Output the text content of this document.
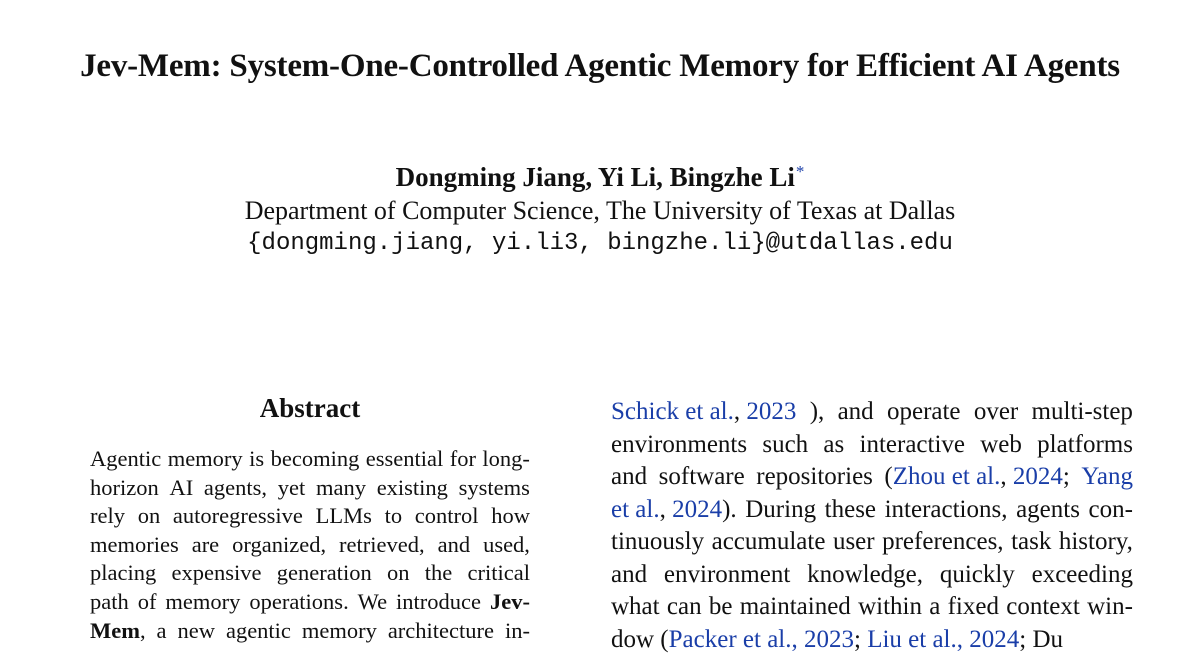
Jev-Mem: System-One-Controlled Agentic Memory for Efficient AI Agents
Dongming Jiang, Yi Li, Bingzhe Li*
Department of Computer Science, The University of Texas at Dallas
{dongming.jiang, yi.li3, bingzhe.li}@utdallas.edu
Abstract
Agentic memory is becoming essential for long-
horizon AI agents, yet many existing systems
rely on autoregressive LLMs to control how
memories are organized, retrieved, and used,
placing expensive generation on the critical
path of memory operations. We introduce Jev-
Mem, a new agentic memory architecture in-
Schick et al., 2023 ), and operate over multi-step
environments such as interactive web platforms
and software repositories (Zhou et al., 2024; Yang
et al., 2024). During these interactions, agents con-
tinuously accumulate user preferences, task history,
and environment knowledge, quickly exceeding
what can be maintained within a fixed context win-
dow (Packer et al., 2023; Liu et al., 2024; Du
